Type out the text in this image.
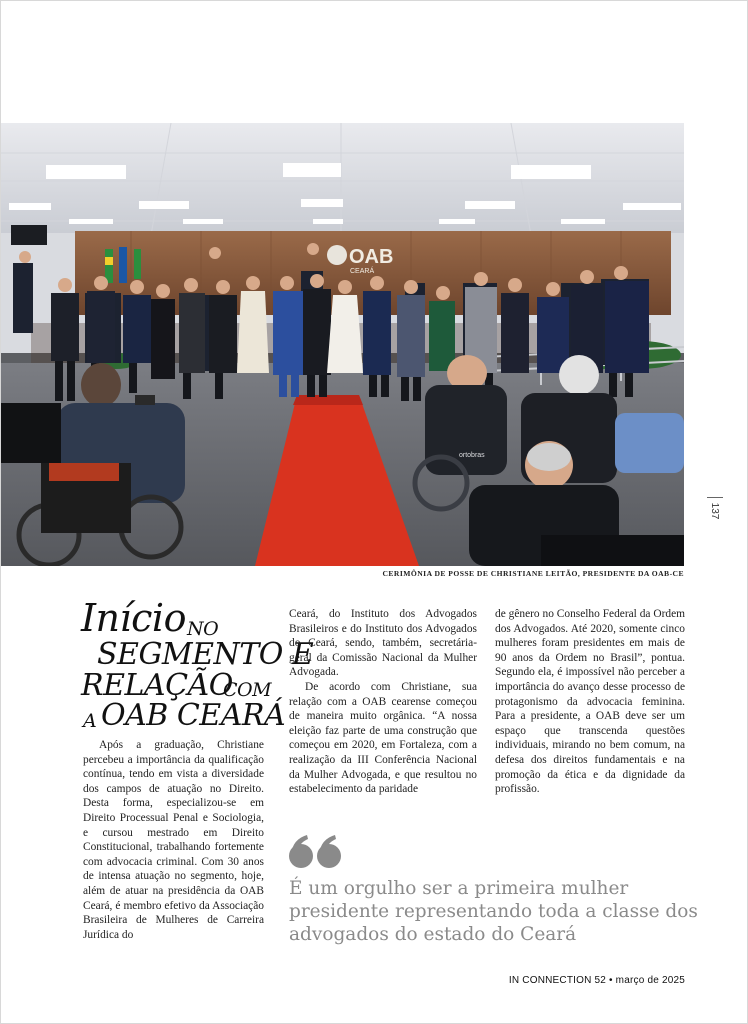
OAB
CEARÁ
ortobras
CERIMÔNIA DE POSSE DE CHRISTIANE LEITÃO, PRESIDENTE DA OAB-CE
137
Início NO
SEGMENTO E
RELAÇÃO
COM
A OAB CEARÁ

Após a graduação, Christiane percebeu a importância da qualificação contínua, tendo em vista a diversidade dos campos de atuação no Direito. Desta forma, especializou-se em Direito Processual Penal e Sociologia, e cursou mestrado em Direito Constitucional, trabalhando fortemente com advocacia criminal. Com 30 anos de intensa atuação no segmento, hoje, além de atuar na presidência da OAB Ceará, é membro efetivo da Associação Brasileira de Mulheres de Carreira Jurídica do

Ceará, do Instituto dos Advogados Brasileiros e do Instituto dos Advogados do Ceará, sendo, também, secretária-geral da Comissão Nacional da Mulher Advogada.

De acordo com Christiane, sua relação com a OAB cearense começou de maneira muito orgânica. “A nossa eleição faz parte de uma construção que começou em 2020, em Fortaleza, com a realização da III Conferência Nacional da Mulher Advogada, e que resultou no estabelecimento da paridade

de gênero no Conselho Federal da Ordem dos Advogados. Até 2020, somente cinco mulheres foram presidentes em mais de 90 anos da Ordem no Brasil”, pontua. Segundo ela, é impossível não perceber a importância do avanço desse processo de protagonismo da advocacia feminina. Para a presidente, a OAB deve ser um espaço que transcenda questões individuais, mirando no bem comum, na defesa dos direitos fundamentais e na promoção da ética e da dignidade da profissão.

É um orgulho ser a primeira mulher presidente representando toda a classe dos advogados do estado do Ceará
IN CONNECTION 52 • março de 2025
